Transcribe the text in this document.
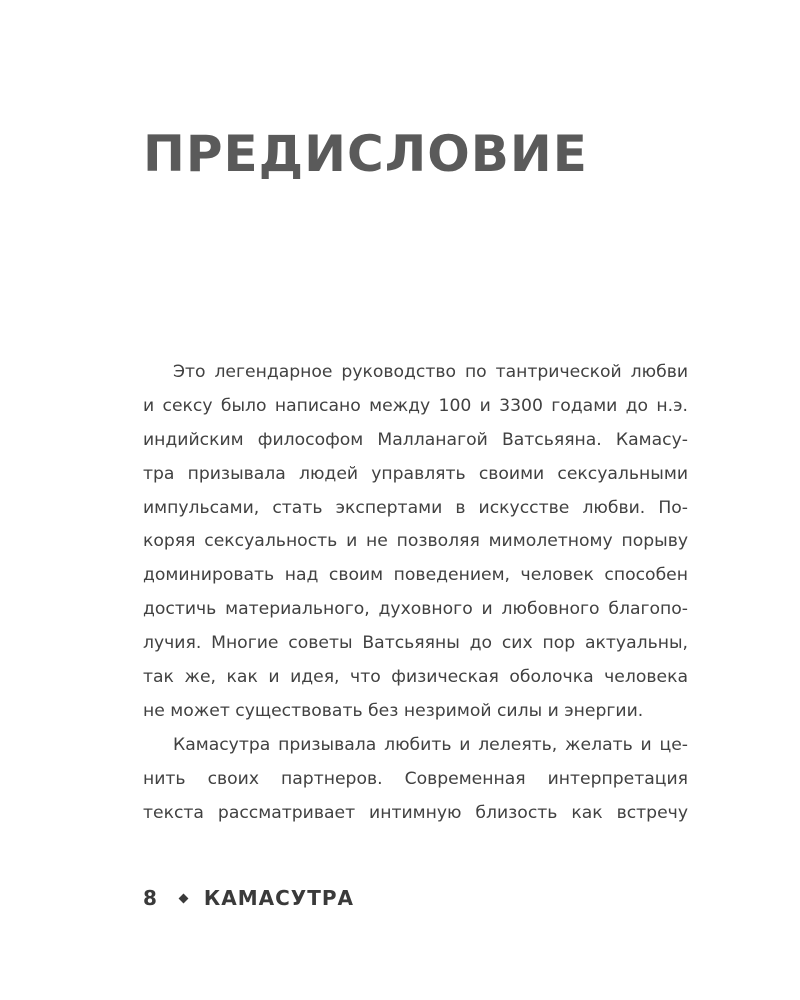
ПРЕДИСЛОВИЕ
Это легендарное руководство по тантрической любви
и сексу было написано между 100 и 3300 годами до н.э.
индийским философом Малланагой Ватсьяяна. Камасу-
тра призывала людей управлять своими сексуальными
импульсами, стать экспертами в искусстве любви. По-
коряя сексуальность и не позволяя мимолетному порыву
доминировать над своим поведением, человек способен
достичь материального, духовного и любовного благопо-
лучия. Многие советы Ватсьяяны до сих пор актуальны,
так же, как и идея, что физическая оболочка человека
не может существовать без незримой силы и энергии.
Камасутра призывала любить и лелеять, желать и це-
нить своих партнеров. Современная интерпретация
текста рассматривает интимную близость как встречу
8 КАМАСУТРА
